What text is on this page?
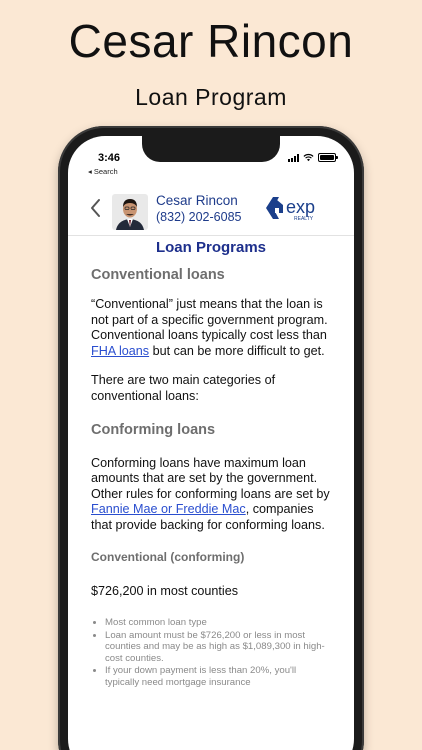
Cesar Rincon
Loan Program
3:46
◂ Search
Cesar Rincon
(832) 202-6085 exp
REALTY
Loan Programs
Conventional loans
“Conventional” just means that the loan is not part of a specific government program. Conventional loans typically cost less than FHA loans but can be more difficult to get.
There are two main categories of conventional loans:
Conforming loans
Conforming loans have maximum loan amounts that are set by the government. Other rules for conforming loans are set by Fannie Mae or Freddie Mac, companies that provide backing for conforming loans.
Conventional (conforming)
$726,200 in most counties
• Most common loan type
• Loan amount must be $726,200 or less in most counties and may be as high as $1,089,300 in high-cost counties.
• If your down payment is less than 20%, you'll typically need mortgage insurance
